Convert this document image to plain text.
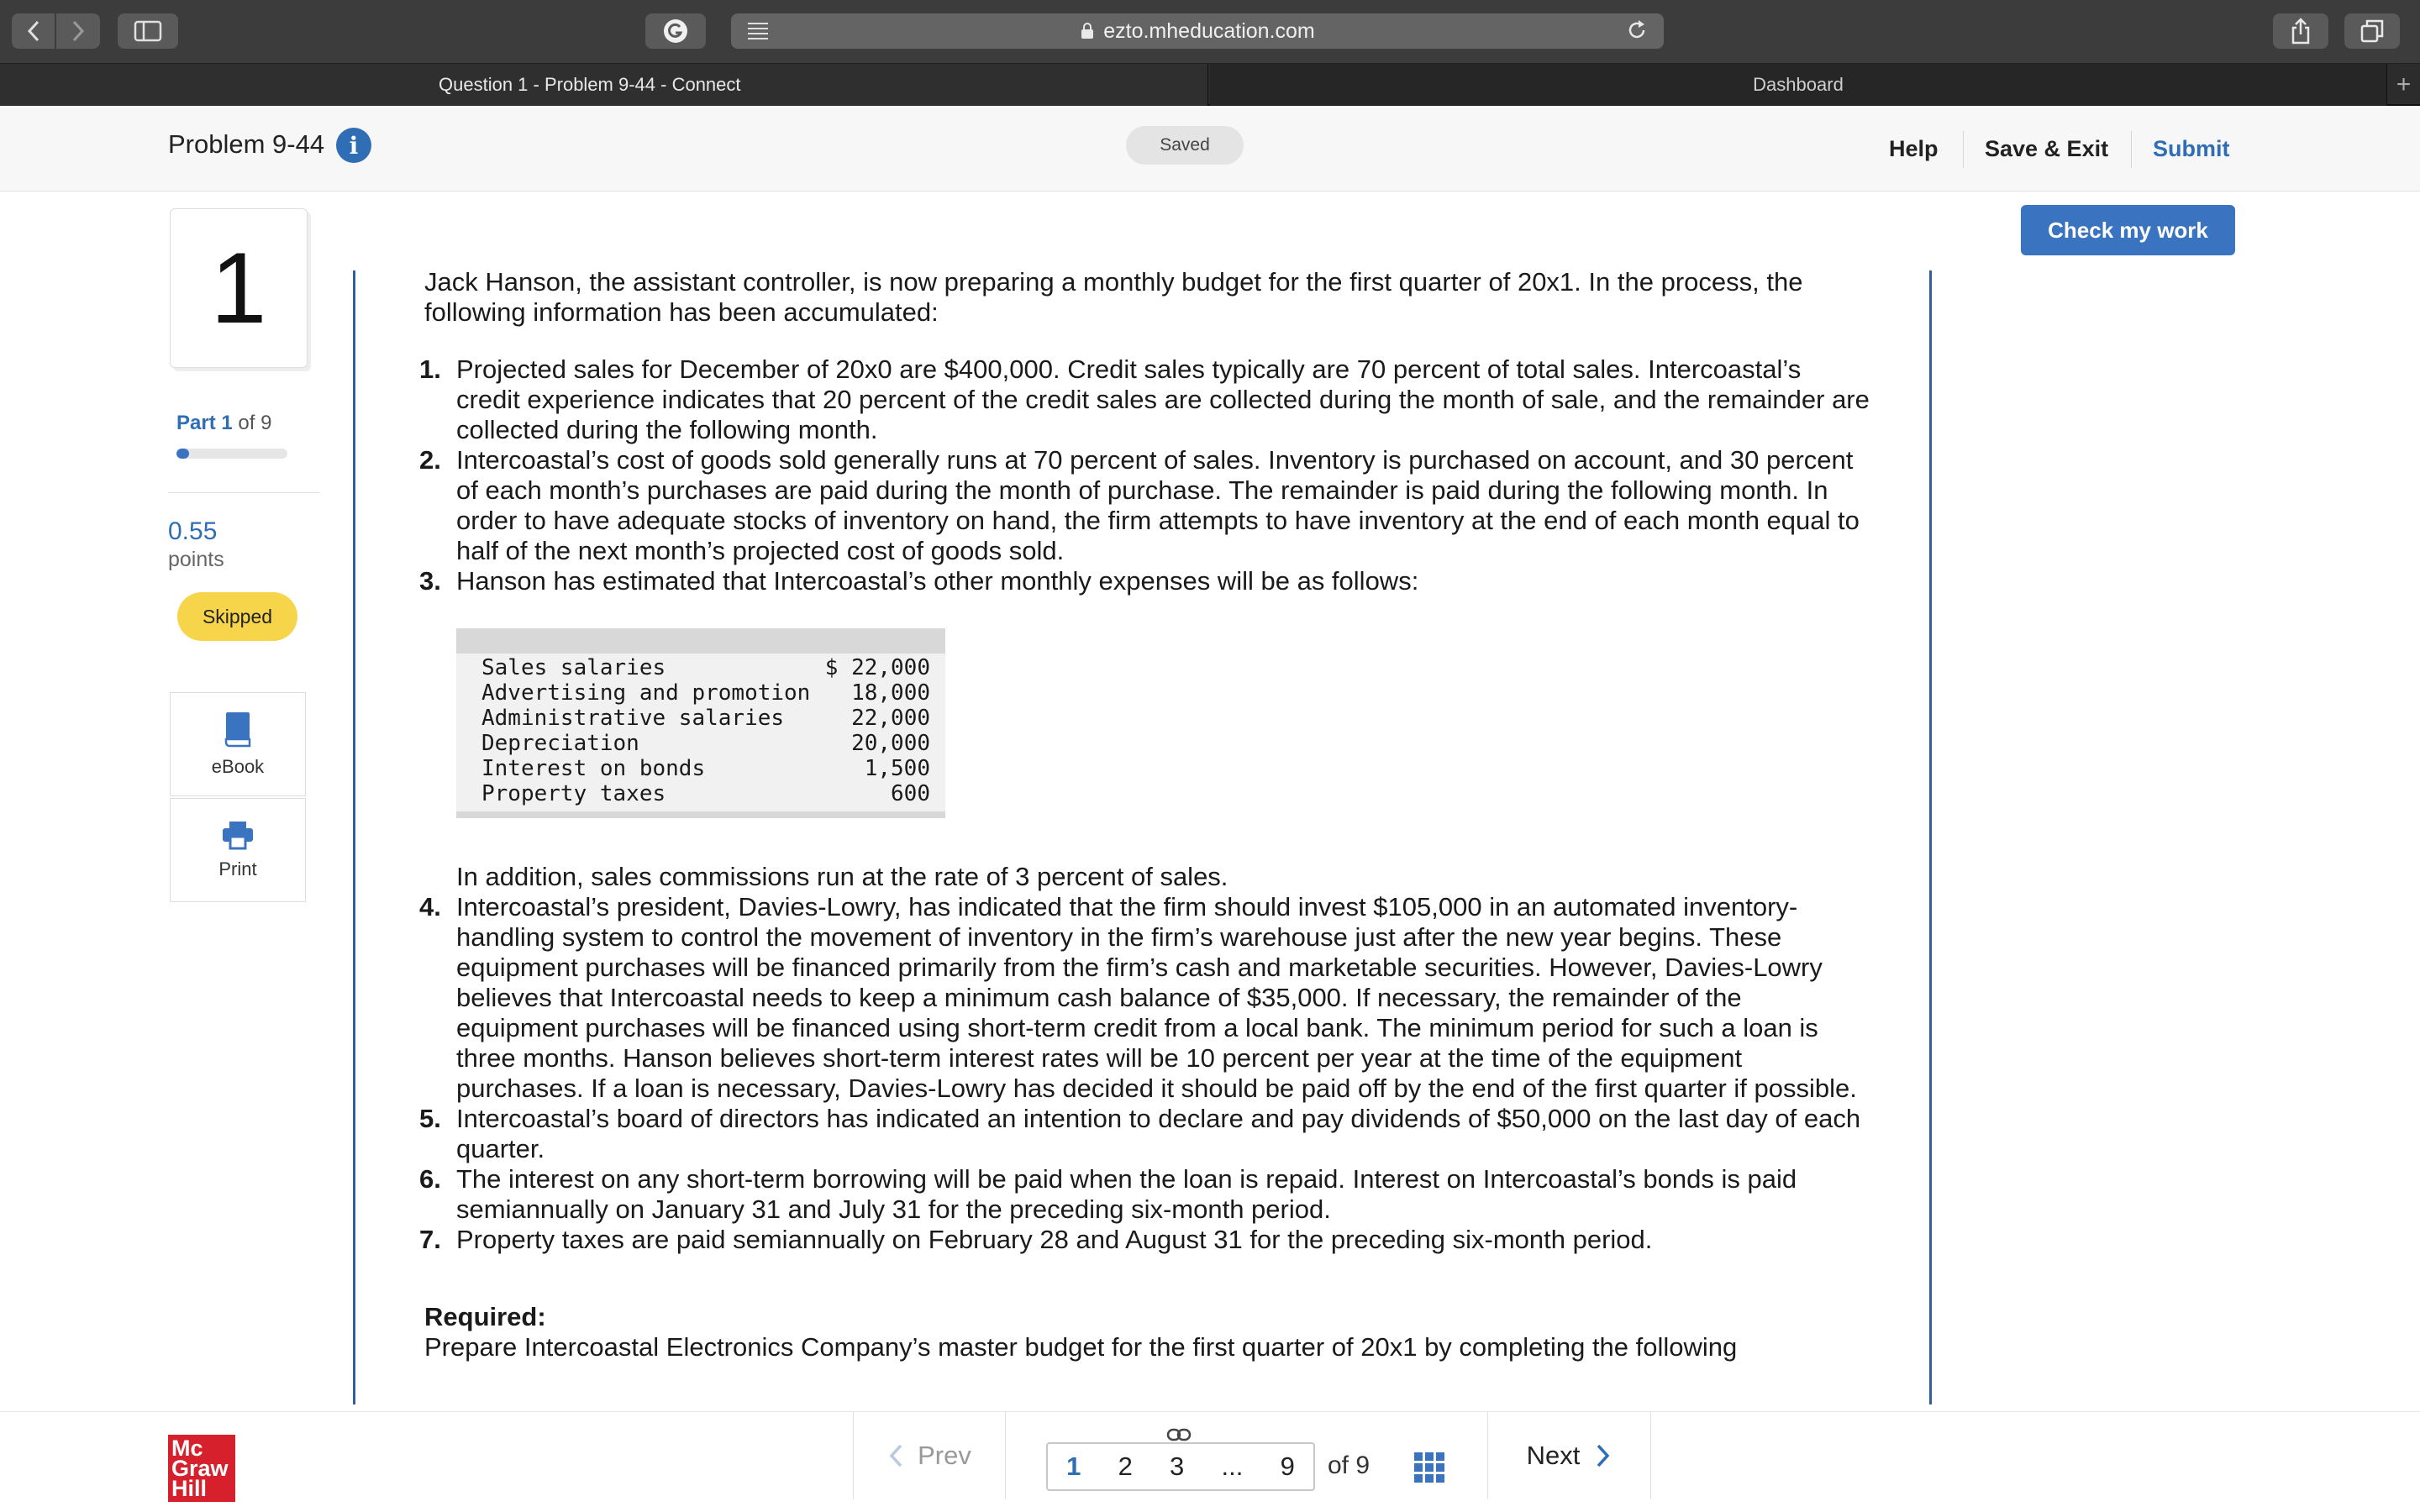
ezto.mheducation.com
Question 1 - Problem 9-44 - Connect	Dashboard	+
Problem 9-44	i	Saved	Help Save & Exit Submit
Check my work
1
Part 1 of 9
0.55
points
Skipped
eBook
Print

Jack Hanson, the assistant controller, is now preparing a monthly budget for the first quarter of 20x1. In the process, the following information has been accumulated:

1. Projected sales for December of 20x0 are $400,000. Credit sales typically are 70 percent of total sales. Intercoastal’s credit experience indicates that 20 percent of the credit sales are collected during the month of sale, and the remainder are collected during the following month.
2. Intercoastal’s cost of goods sold generally runs at 70 percent of sales. Inventory is purchased on account, and 30 percent of each month’s purchases are paid during the month of purchase. The remainder is paid during the following month. In order to have adequate stocks of inventory on hand, the firm attempts to have inventory at the end of each month equal to half of the next month’s projected cost of goods sold.
3. Hanson has estimated that Intercoastal’s other monthly expenses will be as follows:
Sales salaries	$ 22,000
Advertising and promotion 18,000
Administrative salaries	22,000
Depreciation	20,000
Interest on bonds	1,500
Property taxes	600

In addition, sales commissions run at the rate of 3 percent of sales.

4. Intercoastal’s president, Davies-Lowry, has indicated that the firm should invest $105,000 in an automated inventory-handling system to control the movement of inventory in the firm’s warehouse just after the new year begins. These equipment purchases will be financed primarily from the firm’s cash and marketable securities. However, Davies-Lowry believes that Intercoastal needs to keep a minimum cash balance of $35,000. If necessary, the remainder of the equipment purchases will be financed using short-term credit from a local bank. The minimum period for such a loan is three months. Hanson believes short-term interest rates will be 10 percent per year at the time of the equipment purchases. If a loan is necessary, Davies-Lowry has decided it should be paid off by the end of the first quarter if possible.
5. Intercoastal’s board of directors has indicated an intention to declare and pay dividends of $50,000 on the last day of each quarter.
6. The interest on any short-term borrowing will be paid when the loan is repaid. Interest on Intercoastal’s bonds is paid semiannually on January 31 and July 31 for the preceding six-month period.
7. Property taxes are paid semiannually on February 28 and August 31 for the preceding six-month period.

Required:

Prepare Intercoastal Electronics Company’s master budget for the first quarter of 20x1 by completing the following

Mc
Graw
Hill
Prev	1 2 3 ... 9 of 9	Next
